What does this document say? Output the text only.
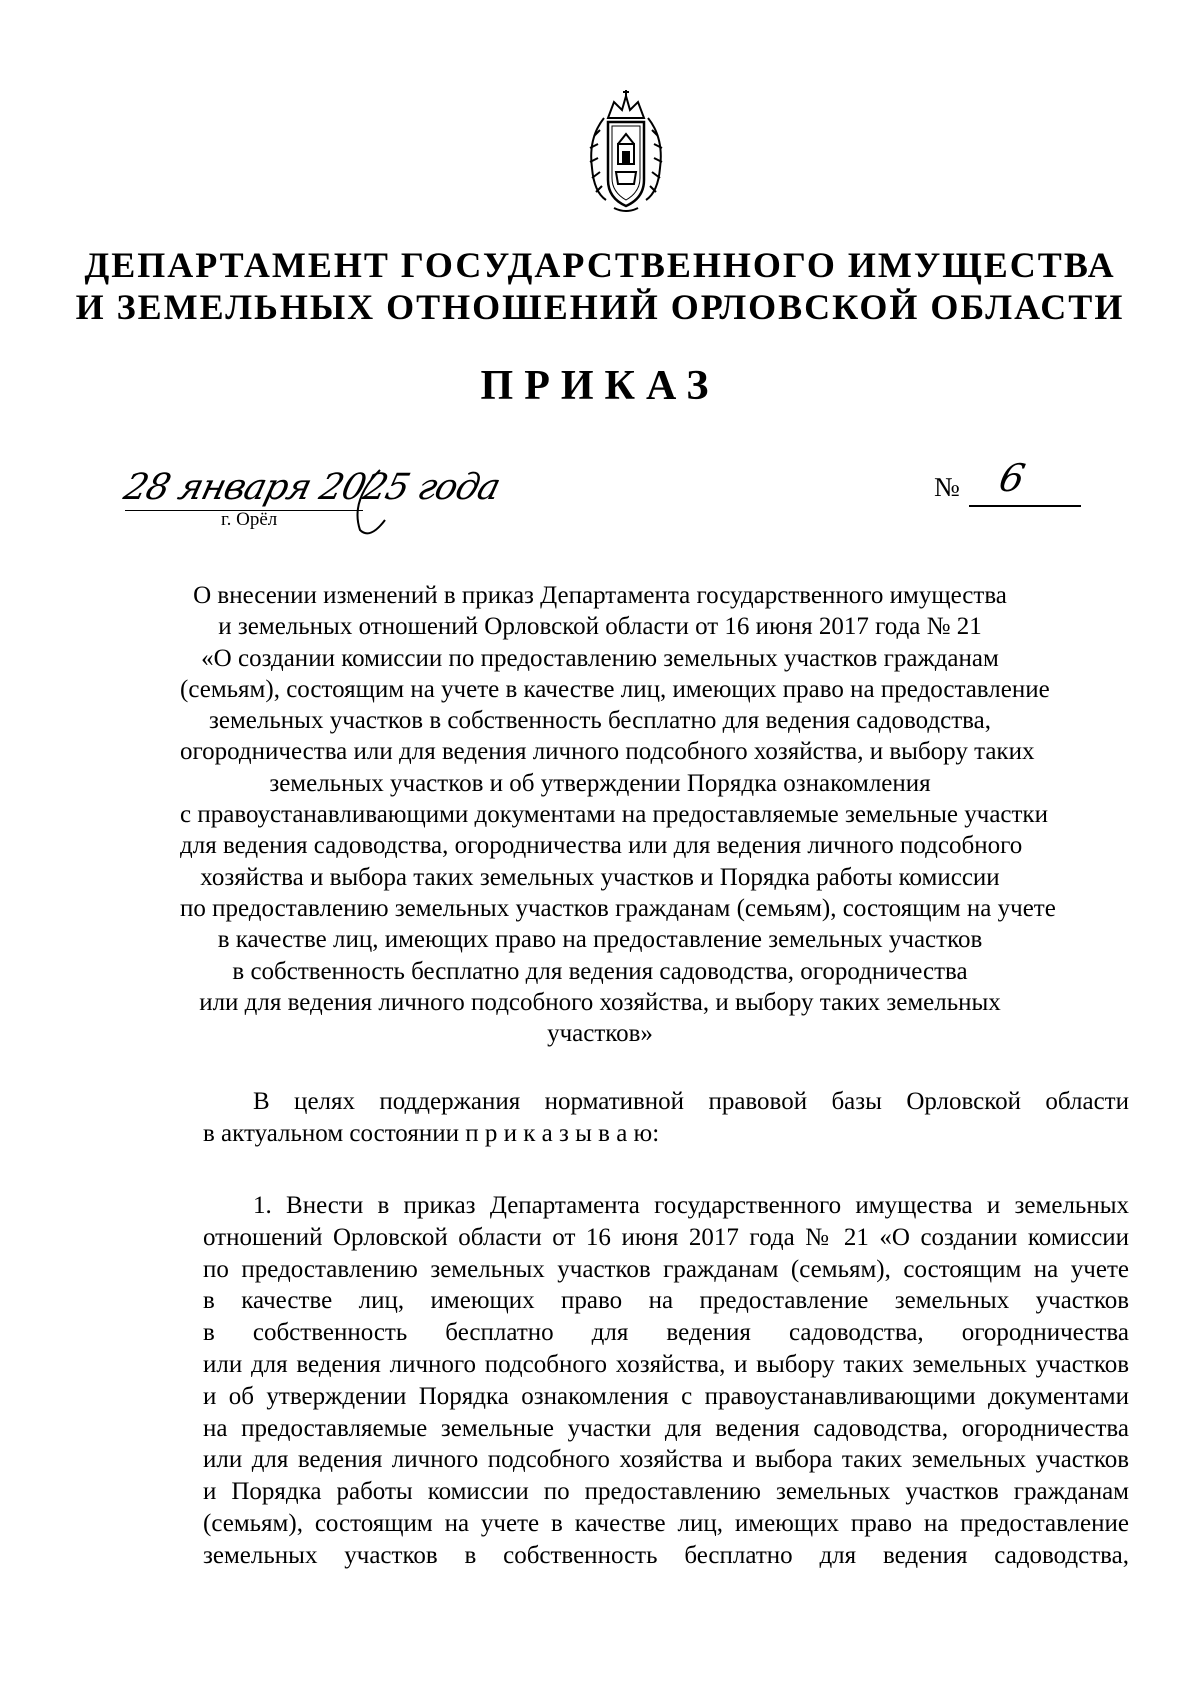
ДЕПАРТАМЕНТ ГОСУДАРСТВЕННОГО ИМУЩЕСТВА
И ЗЕМЕЛЬНЫХ ОТНОШЕНИЙ ОРЛОВСКОЙ ОБЛАСТИ
ПРИКАЗ
28 января 2025 года
г. Орёл
№ 6
О внесении изменений в приказ Департамента государственного имущества
и земельных отношений Орловской области от 16 июня 2017 года № 21
«О создании комиссии по предоставлению земельных участков гражданам
(семьям), состоящим на учете в качестве лиц, имеющих право на предоставление
земельных участков в собственность бесплатно для ведения садоводства,
огородничества или для ведения личного подсобного хозяйства, и выбору таких
земельных участков и об утверждении Порядка ознакомления
с правоустанавливающими документами на предоставляемые земельные участки
для ведения садоводства, огородничества или для ведения личного подсобного
хозяйства и выбора таких земельных участков и Порядка работы комиссии
по предоставлению земельных участков гражданам (семьям), состоящим на учете
в качестве лиц, имеющих право на предоставление земельных участков
в собственность бесплатно для ведения садоводства, огородничества
или для ведения личного подсобного хозяйства, и выбору таких земельных
участков»
В целях поддержания нормативной правовой базы Орловской области
в актуальном состоянии п р и к а з ы в а ю:
1. Внести в приказ Департамента государственного имущества и земельных
отношений Орловской области от 16 июня 2017 года № 21 «О создании комиссии
по предоставлению земельных участков гражданам (семьям), состоящим на учете
в качестве лиц, имеющих право на предоставление земельных участков
в собственность бесплатно для ведения садоводства, огородничества
или для ведения личного подсобного хозяйства, и выбору таких земельных участков
и об утверждении Порядка ознакомления с правоустанавливающими документами
на предоставляемые земельные участки для ведения садоводства, огородничества
или для ведения личного подсобного хозяйства и выбора таких земельных участков
и Порядка работы комиссии по предоставлению земельных участков гражданам
(семьям), состоящим на учете в качестве лиц, имеющих право на предоставление
земельных участков в собственность бесплатно для ведения садоводства,
